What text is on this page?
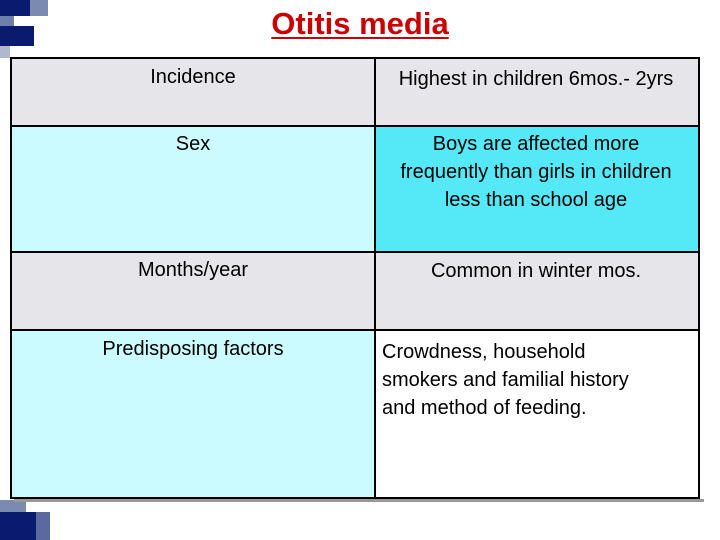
Otitis media
Incidence	Highest in children 6mos.- 2yrs
Sex	Boys are affected more frequently than girls in children less than school age
Months/year	Common in winter mos.
Predisposing factors	Crowdness, household smokers and familial history and method of feeding.
